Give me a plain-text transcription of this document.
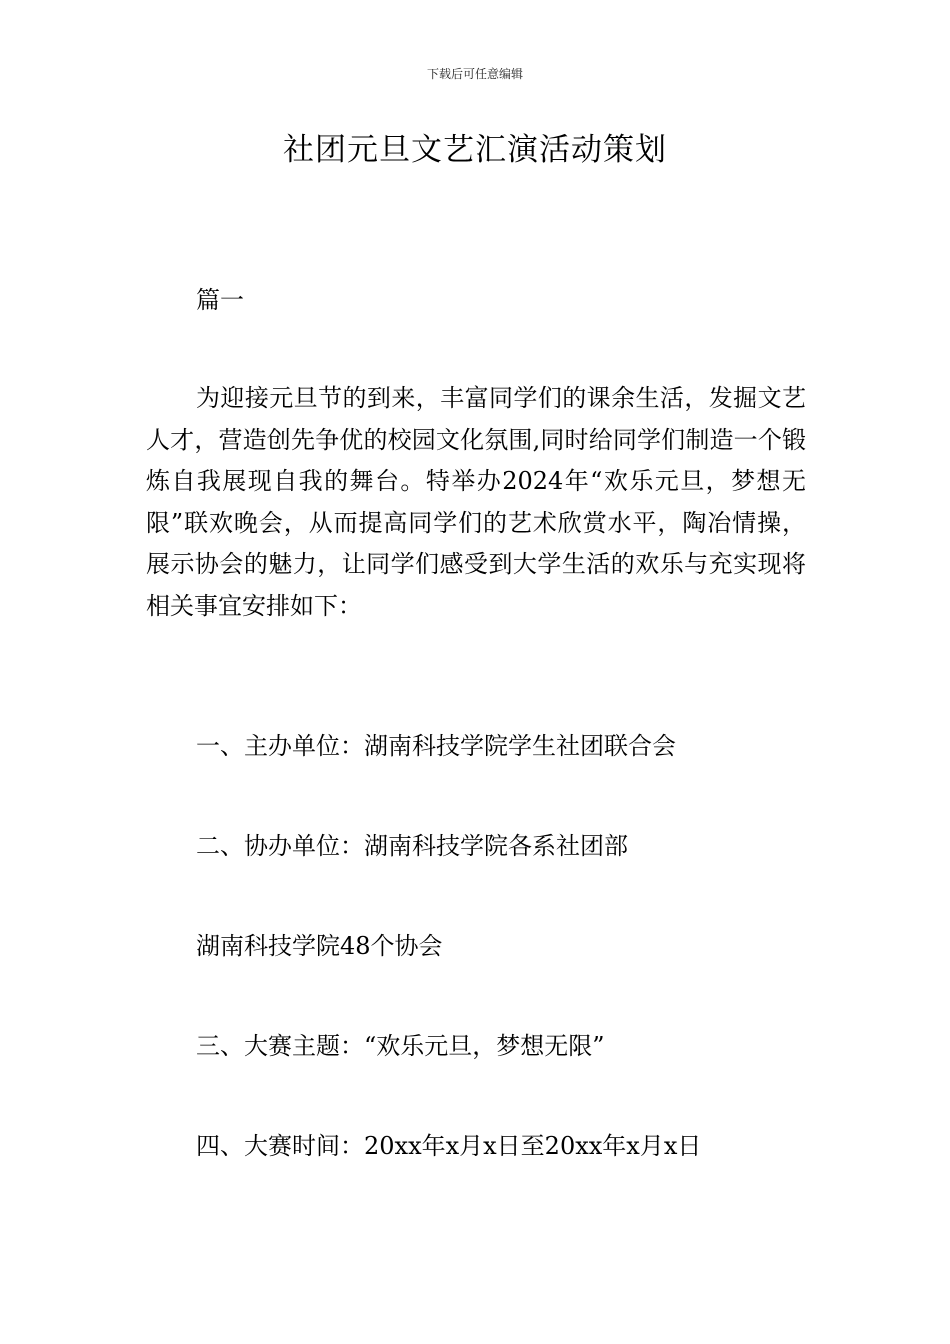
下载后可任意编辑
社团元旦文艺汇演活动策划

篇一

为迎接元旦节的到来，丰富同学们的课余生活，发掘文艺人才，营造创先争优的校园文化氛围,同时给同学们制造一个锻炼自我展现自我的舞台。特举办2024年“欢乐元旦，梦想无限”联欢晚会，从而提高同学们的艺术欣赏水平，陶冶情操，展示协会的魅力，让同学们感受到大学生活的欢乐与充实现将相关事宜安排如下：

一、主办单位：湖南科技学院学生社团联合会

二、协办单位：湖南科技学院各系社团部

湖南科技学院48个协会

三、大赛主题：“欢乐元旦，梦想无限”

四、大赛时间：20xx年x月x日至20xx年x月x日
